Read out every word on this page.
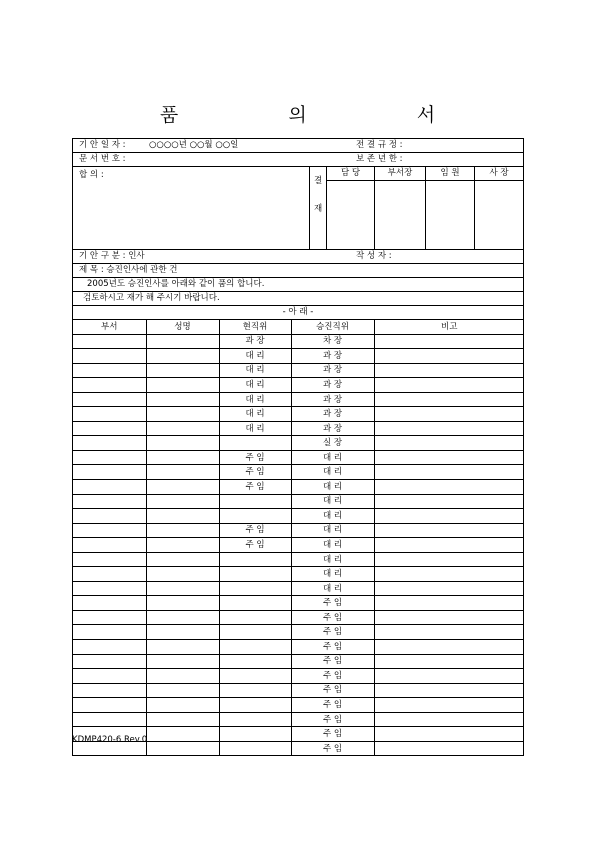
품 의 서
기 안 일 자 :	○○○○년 ○○월 ○○일	전 결 규 정 :
문 서 번 호 :	보 존 년 한 :
합 의 :
결
재
담 당	부서장	임 원	사 장
기 안 구 분 : 인사	작 성 자 :
제 목 : 승진인사에 관한 건
2005년도 승진인사를 아래와 같이 품의 합니다.
검토하시고 재가 해 주시기 바랍니다.
- 아 래 -
부서	성명	현직위	승진직위	비고
		과 장	차 장	
		대 리	과 장	
		대 리	과 장	
		대 리	과 장	
		대 리	과 장	
		대 리	과 장	
		대 리	과 장	
			실 장	
		주 임	대 리	
		주 임	대 리	
		주 임	대 리	
			대 리	
			대 리	
		주 임	대 리	
		주 임	대 리	
			대 리	
			대 리	
			대 리	
			주 임	
			주 임	
			주 임	
			주 임	
			주 임	
			주 임	
			주 임	
			주 임	
			주 임	
			주 임	
			주 임	
KDMP420-6 Rev.0
